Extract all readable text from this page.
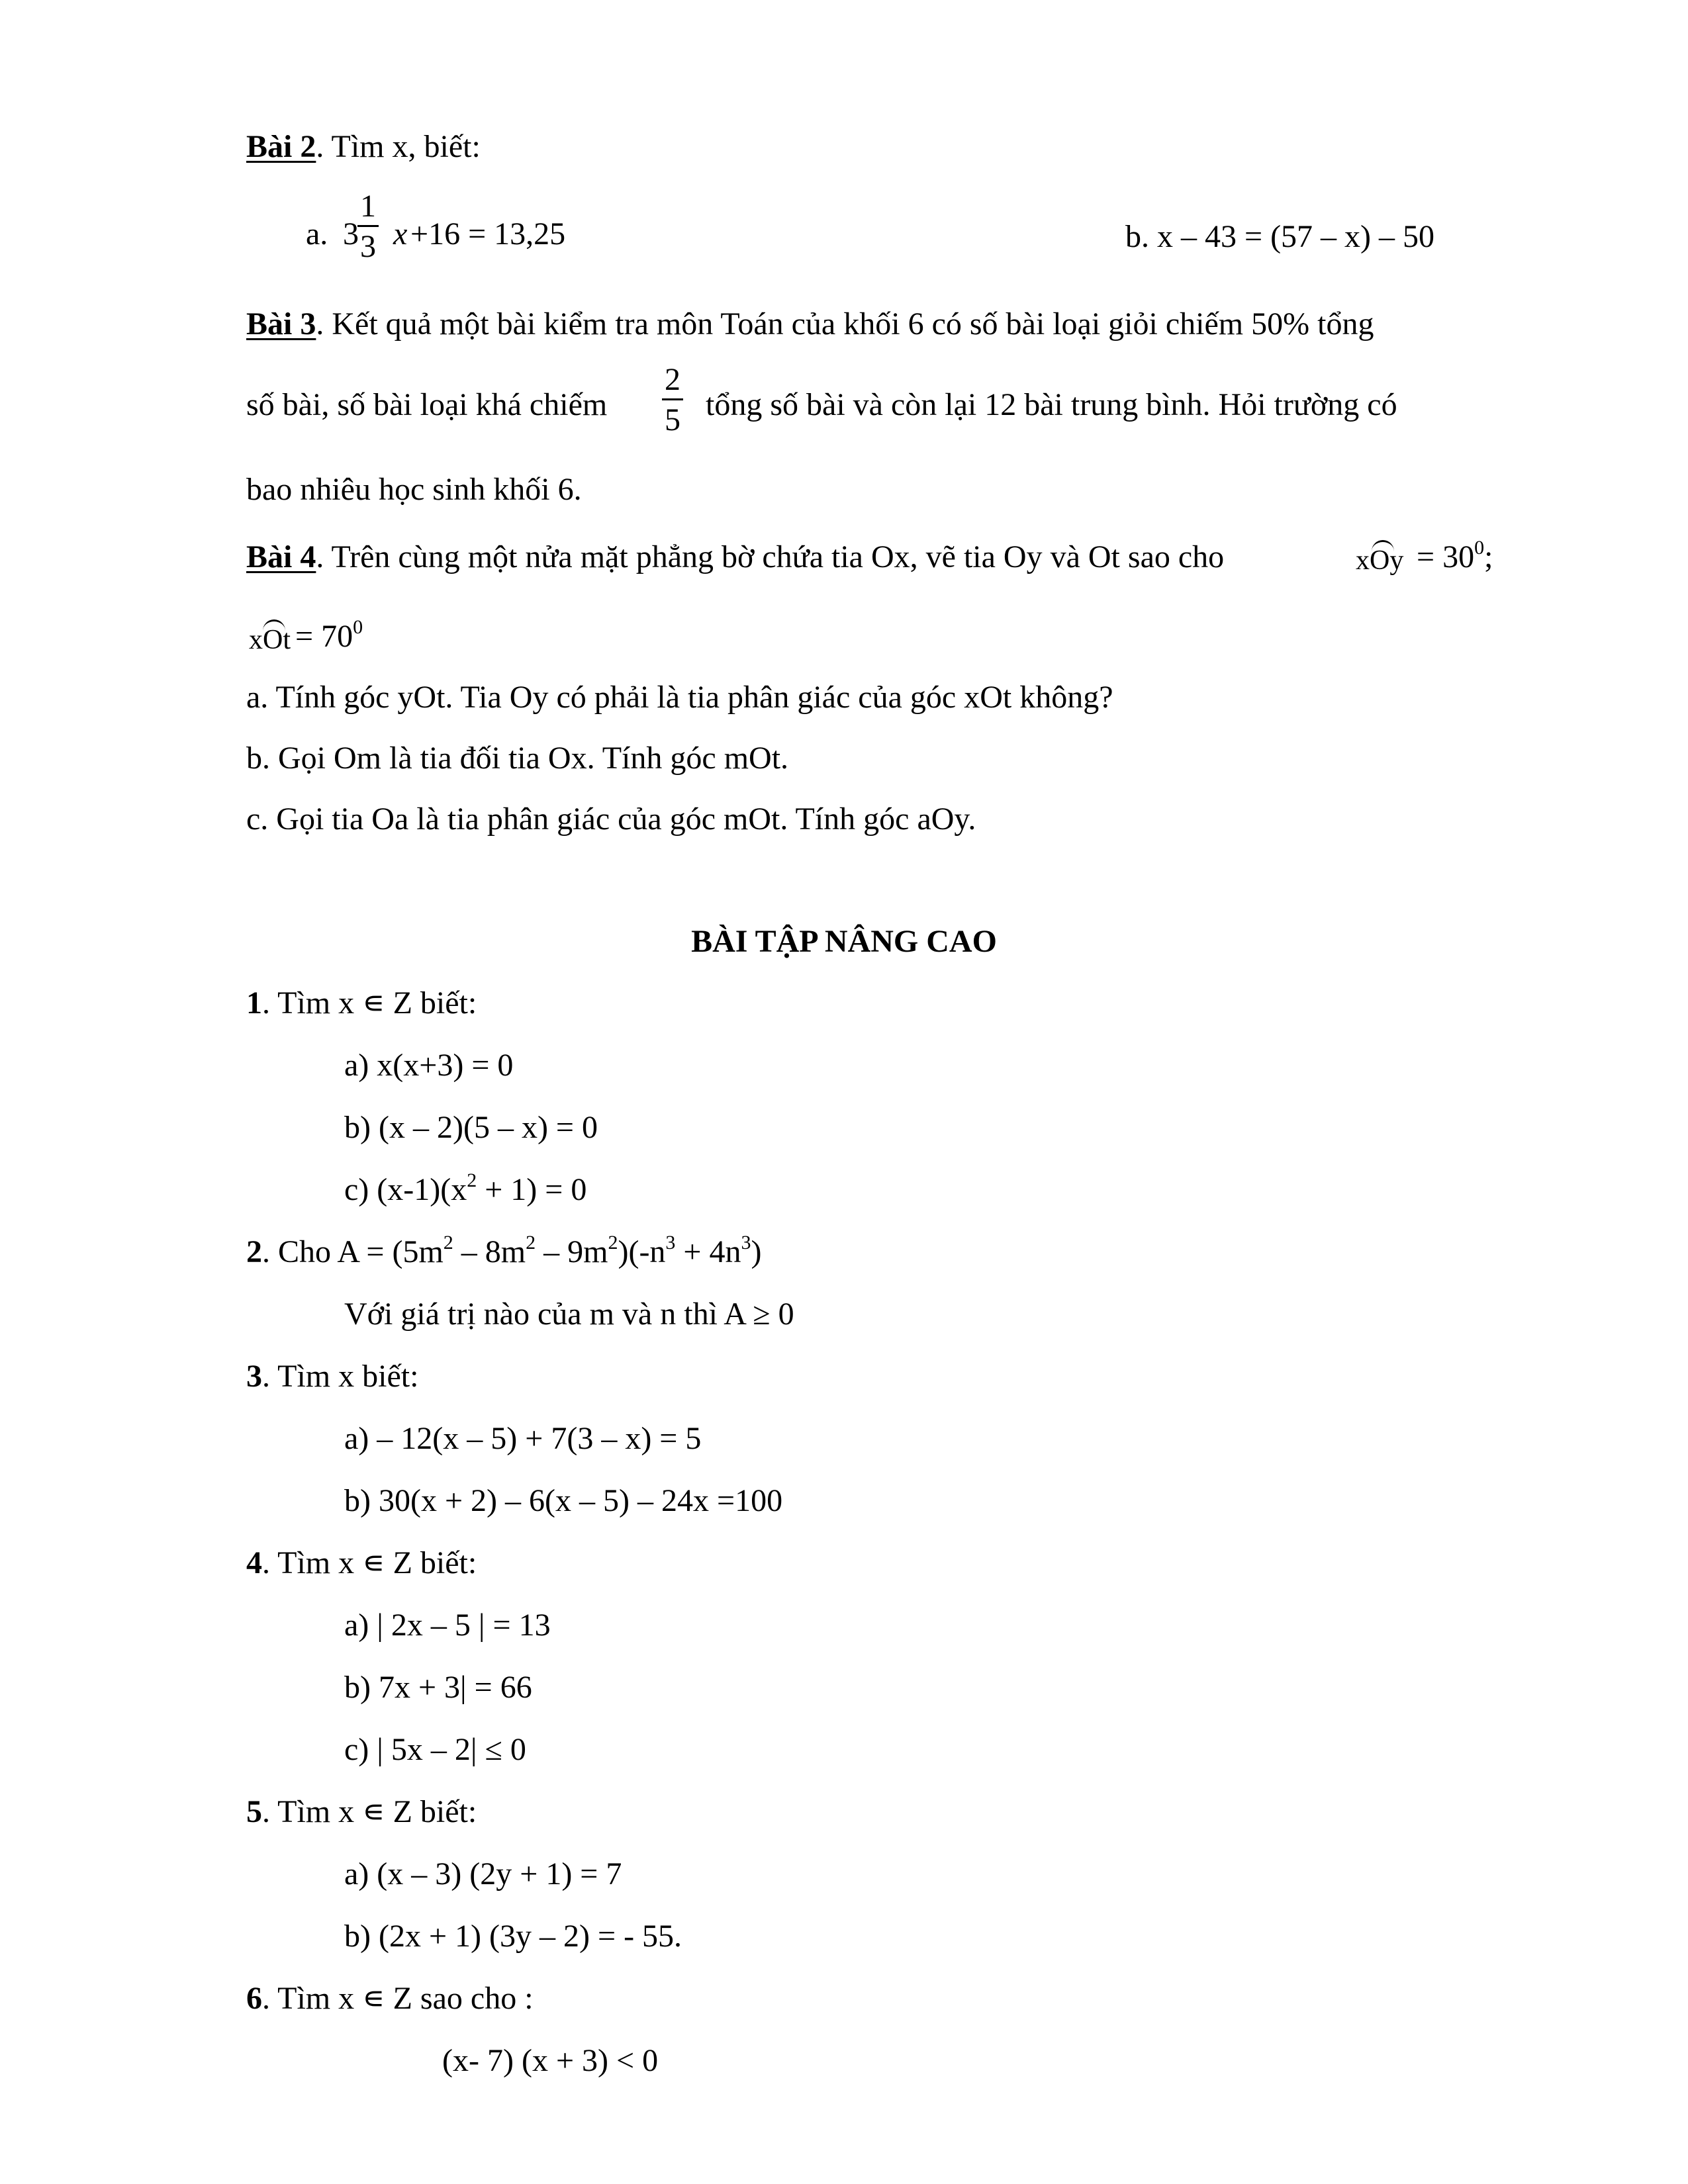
Bài 2. Tìm x, biết:
a. 3
1
3 x +16 = 13,25	b. x – 43 = (57 – x) – 50
Bài 3. Kết quả một bài kiểm tra môn Toán của khối 6 có số bài loại giỏi chiếm 50% tổng
số bài, số bài loại khá chiếm
2
5 tổng số bài và còn lại 12 bài trung bình. Hỏi trường có
bao nhiêu học sinh khối 6.
Bài 4. Trên cùng một nửa mặt phẳng bờ chứa tia Ox, vẽ tia Oy và Ot sao cho	xOy = $30^0$;
xOt = $70^0$
a. Tính góc yOt. Tia Oy có phải là tia phân giác của góc xOt không?
b. Gọi Om là tia đối tia Ox. Tính góc mOt.
c. Gọi tia Oa là tia phân giác của góc mOt. Tính góc aOy.
BÀI TẬP NÂNG CAO
1. Tìm x ∊ Z biết:
a) x(x+3) = 0
b) (x – 2)(5 – x) = 0
c) $(x-1)(x^2 + 1) = 0$
2. Cho $A = (5m^2 - 8m^2 - 9m^2)(-n^3 + 4n^3)$
Với giá trị nào của m và n thì A ≥ 0
3. Tìm x biết:
a) – 12(x – 5) + 7(3 – x) = 5
b) 30(x + 2) – 6(x – 5) – 24x =100
4. Tìm x ∊ Z biết:
a) | 2x – 5 | = 13
b) 7x + 3| = 66
c) | 5x – 2| ≤ 0
5. Tìm x ∊ Z biết:
a) (x – 3) (2y + 1) = 7
b) (2x + 1) (3y – 2) = - 55.
6. Tìm x ∊ Z sao cho :
(x- 7) (x + 3) < 0
